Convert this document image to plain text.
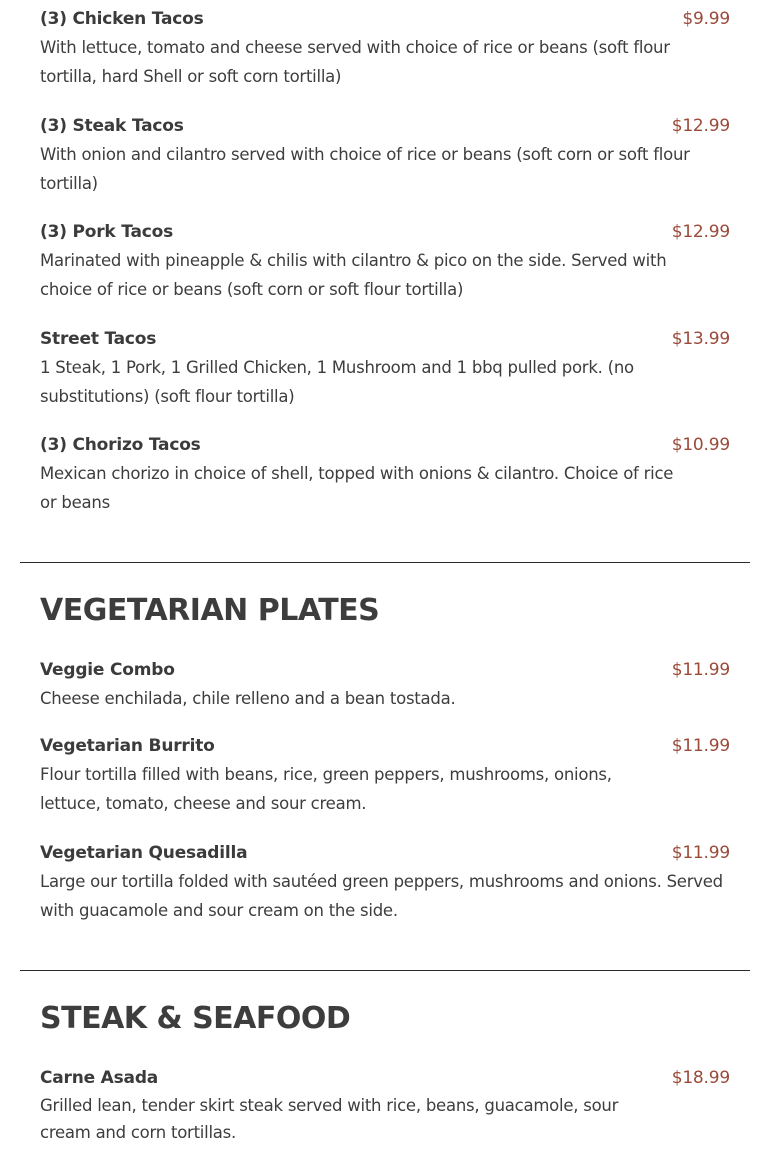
(3) Chicken Tacos	$9.99

With lettuce, tomato and cheese served with choice of rice or beans (soft flour tortilla, hard Shell or soft corn tortilla)

(3) Steak Tacos	$12.99

With onion and cilantro served with choice of rice or beans (soft corn or soft flour tortilla)

(3) Pork Tacos	$12.99

Marinated with pineapple & chilis with cilantro & pico on the side. Served with choice of rice or beans (soft corn or soft flour tortilla)

Street Tacos	$13.99

1 Steak, 1 Pork, 1 Grilled Chicken, 1 Mushroom and 1 bbq pulled pork. (no substitutions) (soft flour tortilla)

(3) Chorizo Tacos	$10.99

Mexican chorizo in choice of shell, topped with onions & cilantro. Choice of rice or beans

VEGETARIAN PLATES
Veggie Combo	$11.99

Cheese enchilada, chile relleno and a bean tostada.

Vegetarian Burrito	$11.99

Flour tortilla filled with beans, rice, green peppers, mushrooms, onions, lettuce, tomato, cheese and sour cream.

Vegetarian Quesadilla	$11.99

Large our tortilla folded with sautéed green peppers, mushrooms and onions. Served with guacamole and sour cream on the side.

STEAK & SEAFOOD
Carne Asada	$18.99

Grilled lean, tender skirt steak served with rice, beans, guacamole, sour cream and corn tortillas.
